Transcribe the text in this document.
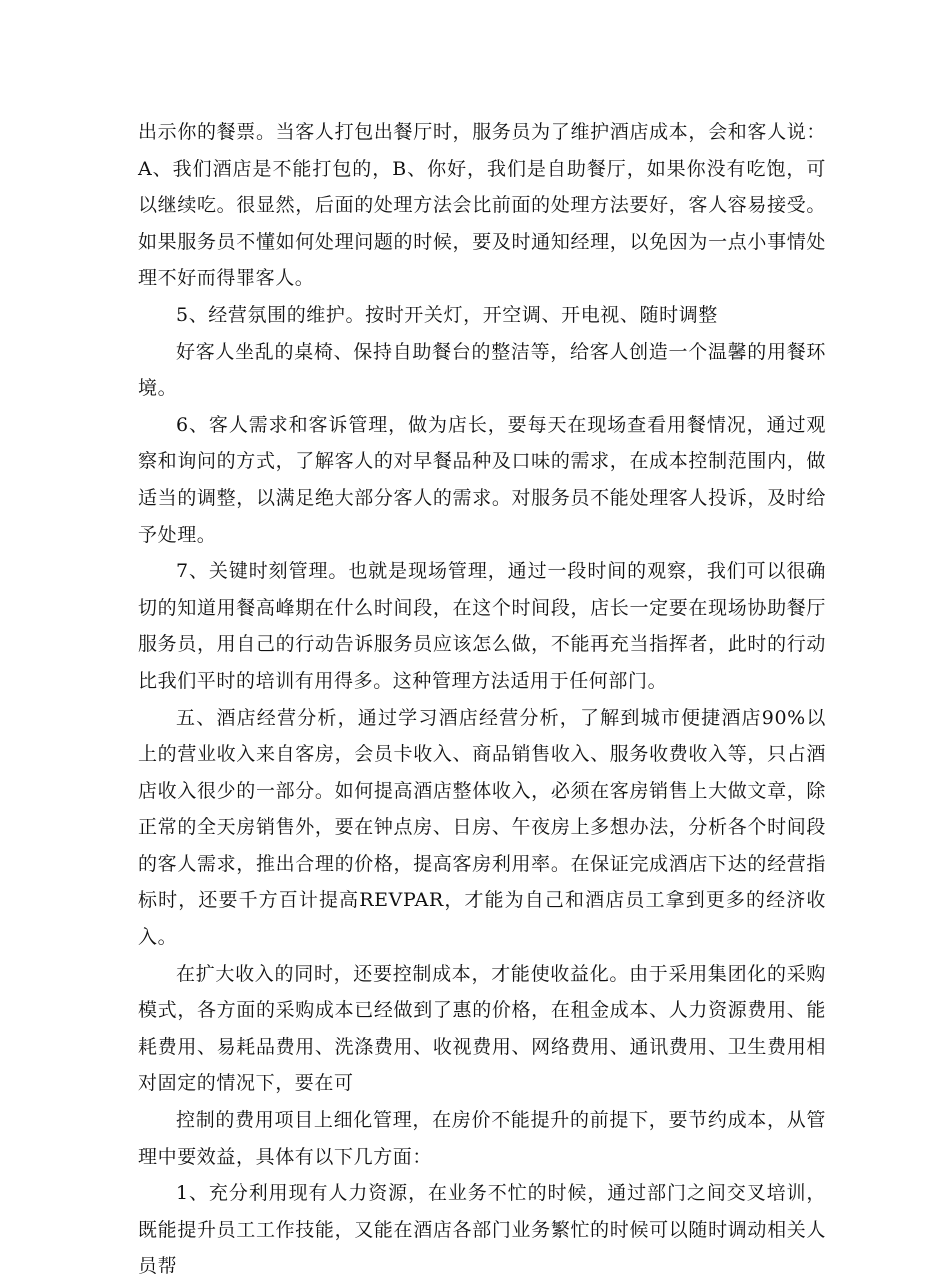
出示你的餐票。当客人打包出餐厅时，服务员为了维护酒店成本，会和客人说：A、我们酒店是不能打包的，B、你好，我们是自助餐厅，如果你没有吃饱，可以继续吃。很显然，后面的处理方法会比前面的处理方法要好，客人容易接受。如果服务员不懂如何处理问题的时候，要及时通知经理，以免因为一点小事情处理不好而得罪客人。

5、经营氛围的维护。按时开关灯，开空调、开电视、随时调整

好客人坐乱的桌椅、保持自助餐台的整洁等，给客人创造一个温馨的用餐环境。

6、客人需求和客诉管理，做为店长，要每天在现场查看用餐情况，通过观察和询问的方式，了解客人的对早餐品种及口味的需求，在成本控制范围内，做适当的调整，以满足绝大部分客人的需求。对服务员不能处理客人投诉，及时给予处理。

7、关键时刻管理。也就是现场管理，通过一段时间的观察，我们可以很确切的知道用餐高峰期在什么时间段，在这个时间段，店长一定要在现场协助餐厅服务员，用自己的行动告诉服务员应该怎么做，不能再充当指挥者，此时的行动比我们平时的培训有用得多。这种管理方法适用于任何部门。

五、酒店经营分析，通过学习酒店经营分析，了解到城市便捷酒店90%以上的营业收入来自客房，会员卡收入、商品销售收入、服务收费收入等，只占酒店收入很少的一部分。如何提高酒店整体收入，必须在客房销售上大做文章，除正常的全天房销售外，要在钟点房、日房、午夜房上多想办法，分析各个时间段的客人需求，推出合理的价格，提高客房利用率。在保证完成酒店下达的经营指标时，还要千方百计提高REVPAR，才能为自己和酒店员工拿到更多的经济收入。

在扩大收入的同时，还要控制成本，才能使收益化。由于采用集团化的采购模式，各方面的采购成本已经做到了惠的价格，在租金成本、人力资源费用、能耗费用、易耗品费用、洗涤费用、收视费用、网络费用、通讯费用、卫生费用相对固定的情况下，要在可

控制的费用项目上细化管理，在房价不能提升的前提下，要节约成本，从管理中要效益，具体有以下几方面：

1、充分利用现有人力资源，在业务不忙的时候，通过部门之间交叉培训，既能提升员工工作技能，又能在酒店各部门业务繁忙的时候可以随时调动相关人员帮
